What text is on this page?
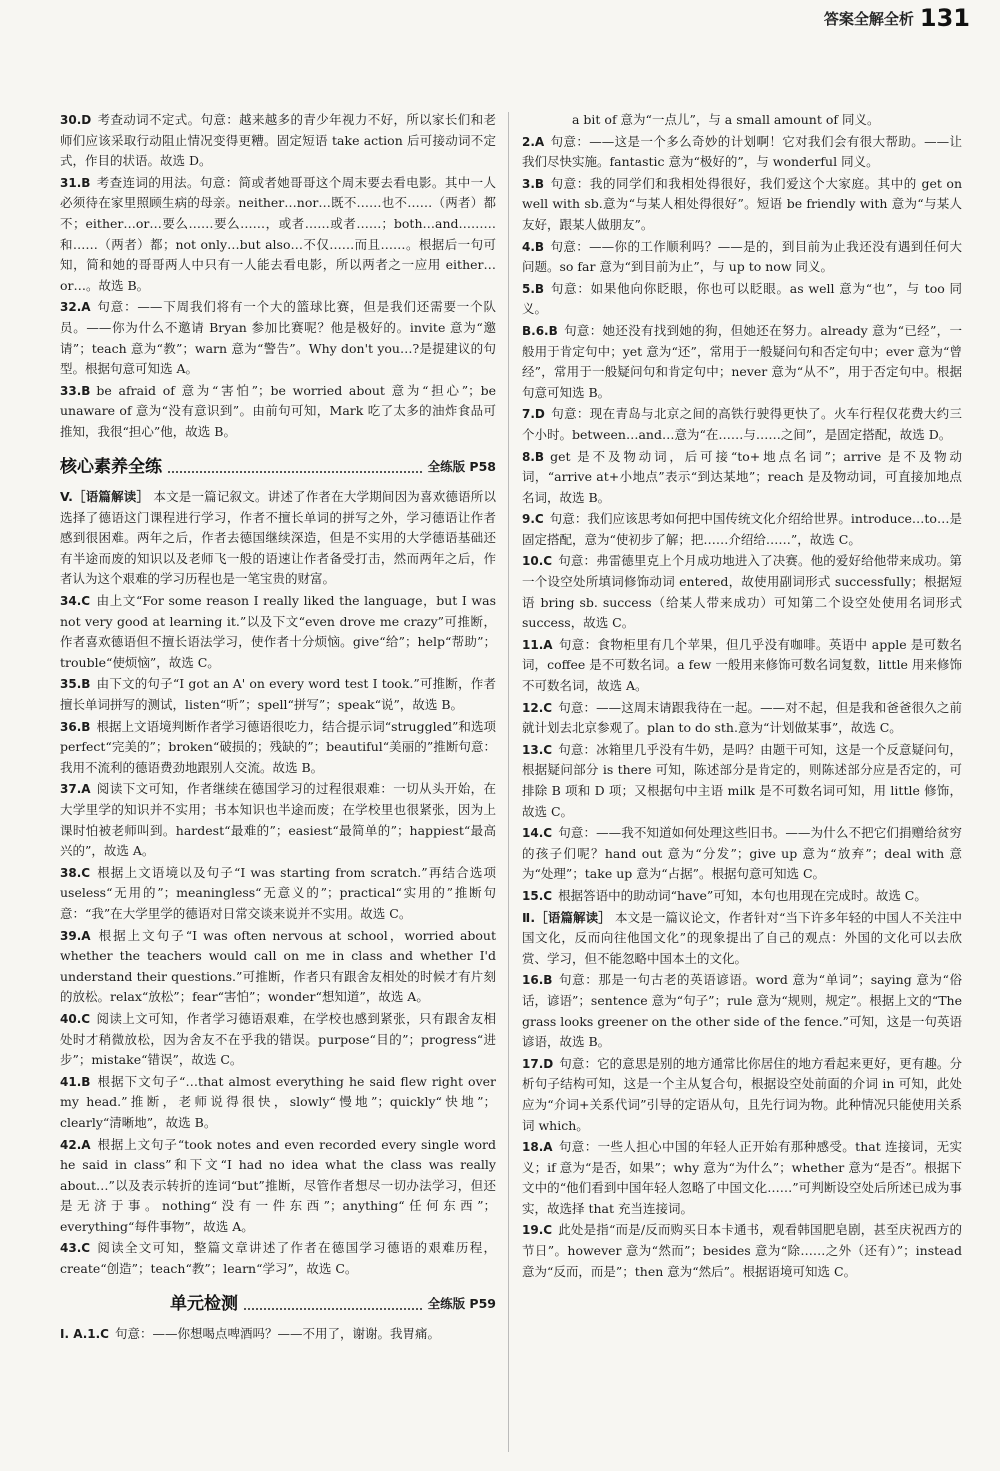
答案全解全析 131

30.D 考查动词不定式。句意：越来越多的青少年视力不好，所以家长们和老师们应该采取行动阻止情况变得更糟。固定短语 take action 后可接动词不定式，作目的状语。故选 D。

31.B 考查连词的用法。句意：简或者她哥哥这个周末要去看电影。其中一人必须待在家里照顾生病的母亲。neither…nor…既不……也不……（两者）都不；either…or…要么……要么……，或者……或者……；both…and………和……（两者）都；not only…but also…不仅……而且……。根据后一句可知，简和她的哥哥两人中只有一人能去看电影，所以两者之一应用 either…or…。故选 B。

32.A 句意：——下周我们将有一个大的篮球比赛，但是我们还需要一个队员。——你为什么不邀请 Bryan 参加比赛呢？他是极好的。invite 意为“邀请”；teach 意为“教”；warn 意为“警告”。Why don't you…?是提建议的句型。根据句意可知选 A。

33.B be afraid of 意为“害怕”；be worried about 意为“担心”；be unaware of 意为“没有意识到”。由前句可知，Mark 吃了太多的油炸食品可推知，我很“担心”他，故选 B。

核心素养全练	全练版 P58

V.［语篇解读］ 本文是一篇记叙文。讲述了作者在大学期间因为喜欢德语所以选择了德语这门课程进行学习，作者不擅长单词的拼写之外，学习德语让作者感到很困难。两年之后，作者去德国继续深造，但是不实用的大学德语基础还有半途而废的知识以及老师飞一般的语速让作者备受打击，然而两年之后，作者认为这个艰难的学习历程也是一笔宝贵的财富。

34.C 由上文“For some reason I really liked the language，but I was not very good at learning it.”以及下文“even drove me crazy”可推断，作者喜欢德语但不擅长语法学习，使作者十分烦恼。give“给”；help“帮助”；trouble“使烦恼”，故选 C。

35.B 由下文的句子“I got an A' on every word test I took.”可推断，作者擅长单词拼写的测试，listen“听”；spell“拼写”；speak“说”，故选 B。

36.B 根据上文语境判断作者学习德语很吃力，结合提示词“struggled”和选项 perfect“完美的”；broken“破损的；残缺的”；beautiful“美丽的”推断句意：我用不流利的德语费劲地跟别人交流。故选 B。

37.A 阅读下文可知，作者继续在德国学习的过程很艰难：一切从头开始，在大学里学的知识并不实用；书本知识也半途而废；在学校里也很紧张，因为上课时怕被老师叫到。hardest“最难的”；easiest“最简单的”；happiest“最高兴的”，故选 A。

38.C 根据上文语境以及句子“I was starting from scratch.”再结合选项 useless“无用的”；meaningless“无意义的”；practical“实用的”推断句意：“我”在大学里学的德语对日常交谈来说并不实用。故选 C。

39.A 根据上文句子“I was often nervous at school，worried about whether the teachers would call on me in class and whether I'd understand their questions.”可推断，作者只有跟舍友相处的时候才有片刻的放松。relax“放松”；fear“害怕”；wonder“想知道”，故选 A。

40.C 阅读上文可知，作者学习德语艰难，在学校也感到紧张，只有跟舍友相处时才稍微放松，因为舍友不在乎我的错误。purpose“目的”；progress“进步”；mistake“错误”，故选 C。

41.B 根据下文句子“…that almost everything he said flew right over my head.”推断，老师说得很快，slowly“慢地”；quickly“快地”；clearly“清晰地”，故选 B。

42.A 根据上文句子“took notes and even recorded every single word he said in class”和下文“I had no idea what the class was really about…”以及表示转折的连词“but”推断，尽管作者想尽一切办法学习，但还是无济于事。nothing“没有一件东西”；anything“任何东西”；everything“每件事物”，故选 A。

43.C 阅读全文可知，整篇文章讲述了作者在德国学习德语的艰难历程，create“创造”；teach“教”；learn“学习”，故选 C。

单元检测	全练版 P59

Ⅰ. A.1.C 句意：——你想喝点啤酒吗？——不用了，谢谢。我胃痛。

a bit of 意为“一点儿”，与 a small amount of 同义。

2.A 句意：——这是一个多么奇妙的计划啊！它对我们会有很大帮助。——让我们尽快实施。fantastic 意为“极好的”，与 wonderful 同义。

3.B 句意：我的同学们和我相处得很好，我们爱这个大家庭。其中的 get on well with sb.意为“与某人相处得很好”。短语 be friendly with 意为“与某人友好，跟某人做朋友”。

4.B 句意：——你的工作顺利吗？——是的，到目前为止我还没有遇到任何大问题。so far 意为“到目前为止”，与 up to now 同义。

5.B 句意：如果他向你眨眼，你也可以眨眼。as well 意为“也”，与 too 同义。

B.6.B 句意：她还没有找到她的狗，但她还在努力。already 意为“已经”，一般用于肯定句中；yet 意为“还”，常用于一般疑问句和否定句中；ever 意为“曾经”，常用于一般疑问句和肯定句中；never 意为“从不”，用于否定句中。根据句意可知选 B。

7.D 句意：现在青岛与北京之间的高铁行驶得更快了。火车行程仅花费大约三个小时。between…and…意为“在……与……之间”，是固定搭配，故选 D。

8.B get 是不及物动词，后可接“to+地点名词”；arrive 是不及物动词，“arrive at+小地点”表示“到达某地”；reach 是及物动词，可直接加地点名词，故选 B。

9.C 句意：我们应该思考如何把中国传统文化介绍给世界。introduce…to…是固定搭配，意为“使初步了解；把……介绍给……”，故选 C。

10.C 句意：弗雷德里克上个月成功地进入了决赛。他的爱好给他带来成功。第一个设空处所填词修饰动词 entered，故使用副词形式 successfully；根据短语 bring sb. success（给某人带来成功）可知第二个设空处使用名词形式 success，故选 C。

11.A 句意：食物柜里有几个苹果，但几乎没有咖啡。英语中 apple 是可数名词，coffee 是不可数名词。a few 一般用来修饰可数名词复数，little 用来修饰不可数名词，故选 A。

12.C 句意：——这周末请跟我待在一起。——对不起，但是我和爸爸很久之前就计划去北京参观了。plan to do sth.意为“计划做某事”，故选 C。

13.C 句意：冰箱里几乎没有牛奶，是吗？由题干可知，这是一个反意疑问句，根据疑问部分 is there 可知，陈述部分是肯定的，则陈述部分应是否定的，可排除 B 项和 D 项；又根据句中主语 milk 是不可数名词可知，用 little 修饰，故选 C。

14.C 句意：——我不知道如何处理这些旧书。——为什么不把它们捐赠给贫穷的孩子们呢？hand out 意为“分发”；give up 意为“放弃”；deal with 意为“处理”；take up 意为“占据”。根据句意可知选 C。

15.C 根据答语中的助动词“have”可知，本句也用现在完成时。故选 C。

Ⅱ.［语篇解读］ 本文是一篇议论文，作者针对“当下许多年轻的中国人不关注中国文化，反而向往他国文化”的现象提出了自己的观点：外国的文化可以去欣赏、学习，但不能忽略中国本土的文化。

16.B 句意：那是一句古老的英语谚语。word 意为“单词”；saying 意为“俗话，谚语”；sentence 意为“句子”；rule 意为“规则，规定”。根据上文的“The grass looks greener on the other side of the fence.”可知，这是一句英语谚语，故选 B。

17.D 句意：它的意思是别的地方通常比你居住的地方看起来更好，更有趣。分析句子结构可知，这是一个主从复合句，根据设空处前面的介词 in 可知，此处应为“介词+关系代词”引导的定语从句，且先行词为物。此种情况只能使用关系词 which。

18.A 句意：一些人担心中国的年轻人正开始有那种感受。that 连接词，无实义；if 意为“是否，如果”；why 意为“为什么”；whether 意为“是否”。根据下文中的“他们看到中国年轻人忽略了中国文化……”可判断设空处后所述已成为事实，故选择 that 充当连接词。

19.C 此处是指“而是/反而购买日本卡通书，观看韩国肥皂剧，甚至庆祝西方的节日”。however 意为“然而”；besides 意为“除……之外（还有）”；instead 意为“反而，而是”；then 意为“然后”。根据语境可知选 C。
